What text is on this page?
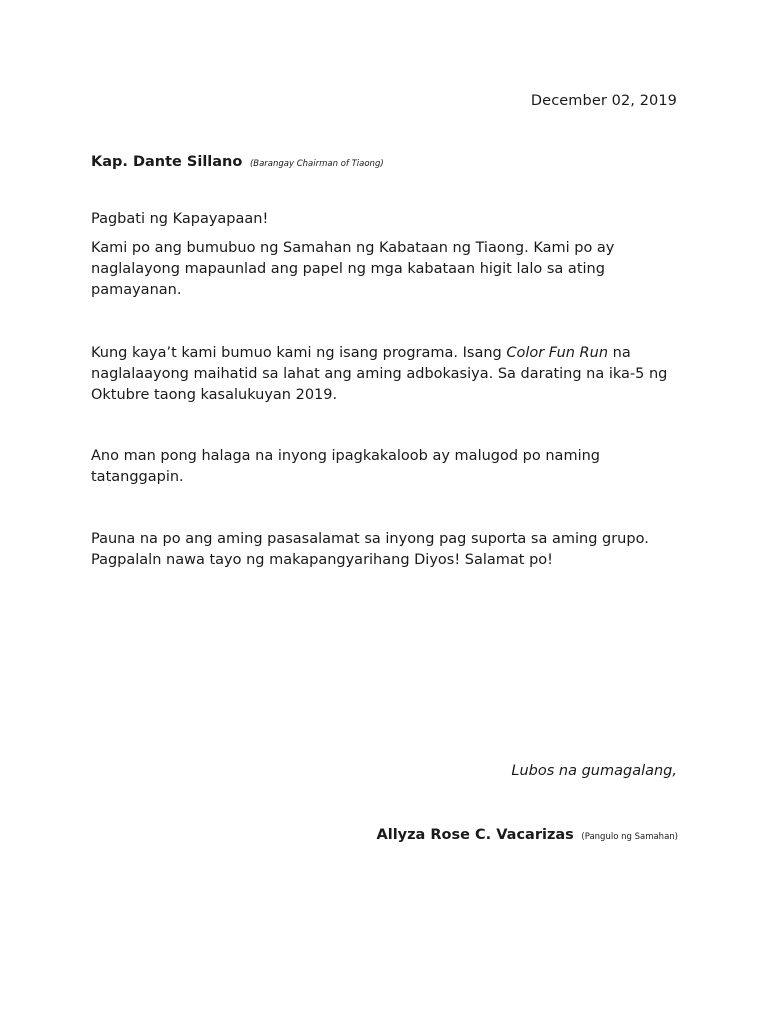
December 02, 2019
Kap. Dante Sillano (Barangay Chairman of Tiaong)

Pagbati ng Kapayapaan!

Kami po ang bumubuo ng Samahan ng Kabataan ng Tiaong. Kami po ay naglalayong mapaunlad ang papel ng mga kabataan higit lalo sa ating pamayanan.

Kung kaya’t kami bumuo kami ng isang programa. Isang Color Fun Run na naglalaayong maihatid sa lahat ang aming adbokasiya. Sa darating na ika-5 ng Oktubre taong kasalukuyan 2019.

Ano man pong halaga na inyong ipagkakaloob ay malugod po naming tatanggapin.

Pauna na po ang aming pasasalamat sa inyong pag suporta sa aming grupo. Pagpalaln nawa tayo ng makapangyarihang Diyos! Salamat po!

Lubos na gumagalang,
Allyza Rose C. Vacarizas (Pangulo ng Samahan)
